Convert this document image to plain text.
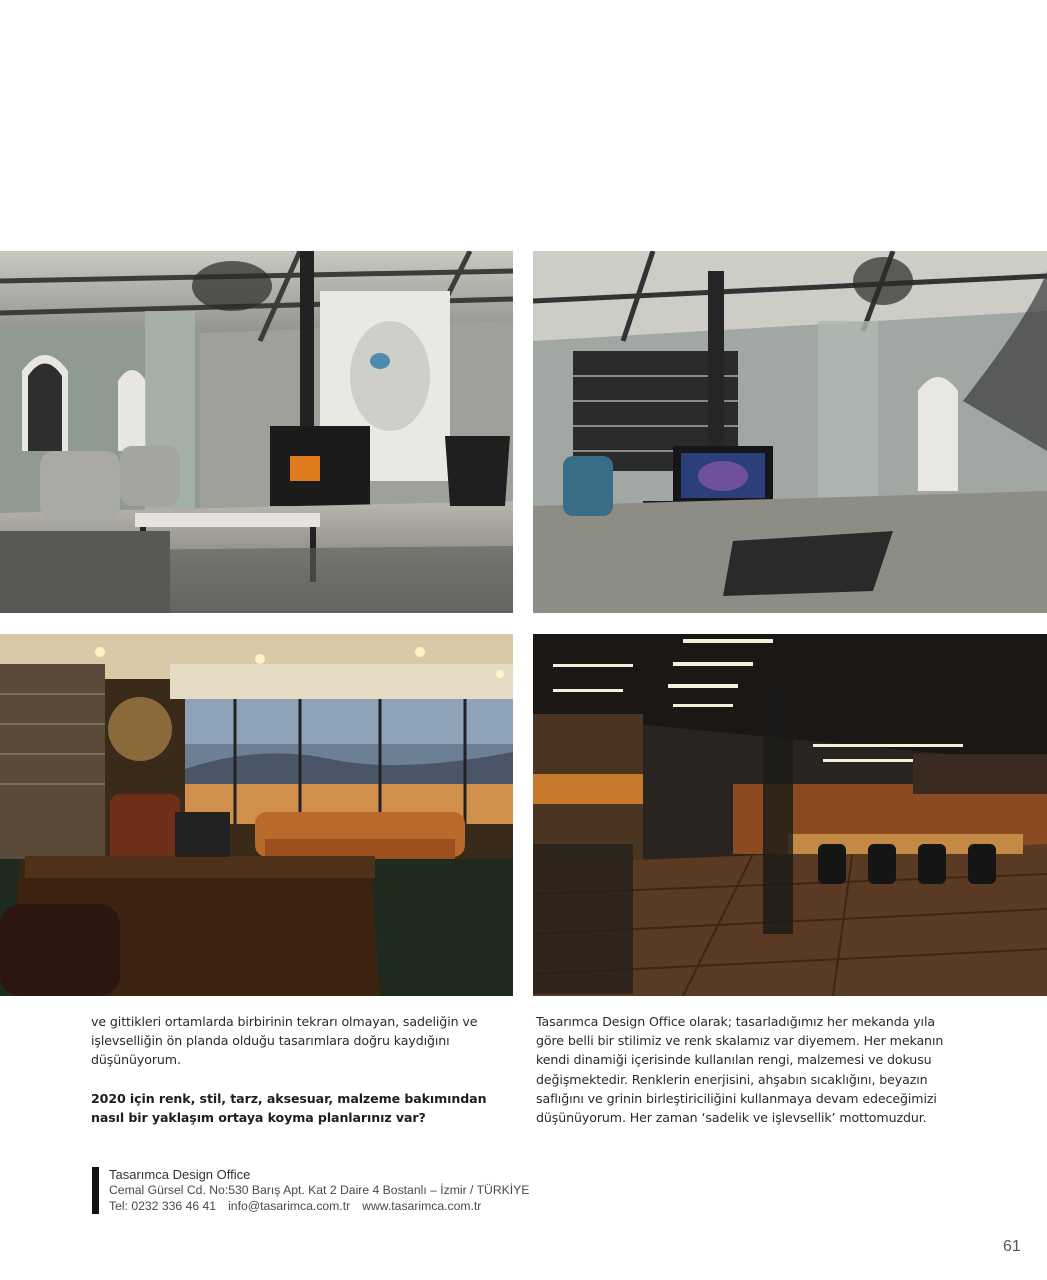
ve gittikleri ortamlarda birbirinin tekrarı olmayan, sadeliğin ve işlevselliğin ön planda olduğu tasarımlara doğru kaydığını düşünüyorum.

2020 için renk, stil, tarz, aksesuar, malzeme bakımından nasıl bir yaklaşım ortaya koyma planlarınız var?

Tasarımca Design Office olarak; tasarladığımız her mekanda yıla göre belli bir stilimiz ve renk skalamız var diyemem. Her mekanın kendi dinamiği içerisinde kullanılan rengi, malzemesi ve dokusu değişmektedir. Renklerin enerjisini, ahşabın sıcaklığını, beyazın saflığını ve grinin birleştiriciliğini kullanmaya devam edeceğimizi düşünüyorum. Her zaman ‘sadelik ve işlevsellik’ mottomuzdur.

Tasarımca Design Office
Cemal Gürsel Cd. No:530 Barış Apt. Kat 2 Daire 4 Bostanlı – İzmir / TÜRKİYE
Tel: 0232 336 46 41 info@tasarimca.com.tr www.tasarimca.com.tr
61
